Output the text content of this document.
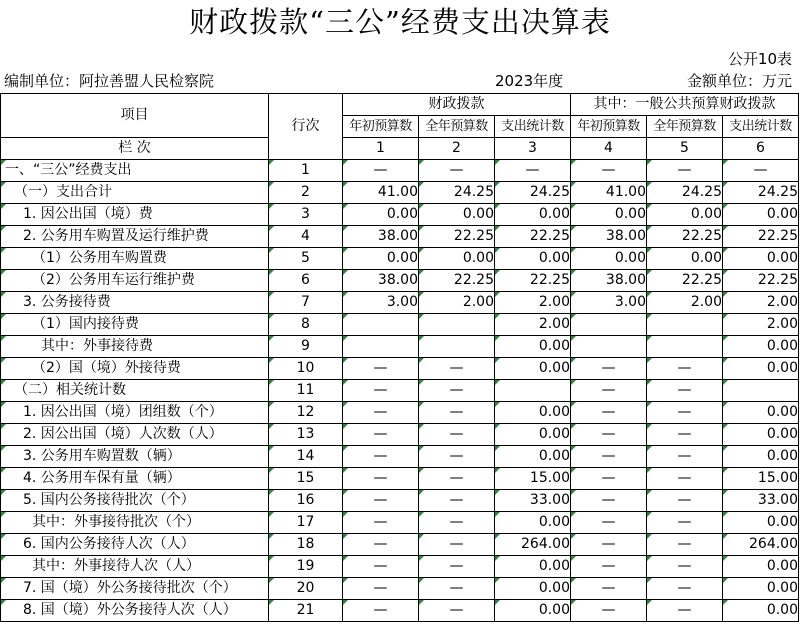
财政拨款“三公”经费支出决算表
公开10表
编制单位：阿拉善盟人民检察院	2023年度	金额单位：万元
项目	行次	财政拨款			其中：一般公共预算财政拨款		
		年初预算数	全年预算数	支出统计数	年初预算数	全年预算数	支出统计数
栏 次		1	2	3	4	5	6
一、“三公”经费支出	1	—	—	—	—	—	—
（一）支出合计	2	41.00	24.25	24.25	41.00	24.25	24.25
1. 因公出国（境）费	3	0.00	0.00	0.00	0.00	0.00	0.00
2. 公务用车购置及运行维护费	4	38.00	22.25	22.25	38.00	22.25	22.25
（1）公务用车购置费	5	0.00	0.00	0.00	0.00	0.00	0.00
（2）公务用车运行维护费	6	38.00	22.25	22.25	38.00	22.25	22.25
3. 公务接待费	7	3.00	2.00	2.00	3.00	2.00	2.00
（1）国内接待费	8			2.00			2.00
其中：外事接待费	9			0.00			0.00
（2）国（境）外接待费	10	—	—	0.00	—	—	0.00
（二）相关统计数	11	—	—		—	—	
1. 因公出国（境）团组数（个）	12	—	—	0.00	—	—	0.00
2. 因公出国（境）人次数（人）	13	—	—	0.00	—	—	0.00
3. 公务用车购置数（辆）	14	—	—	0.00	—	—	0.00
4. 公务用车保有量（辆）	15	—	—	15.00	—	—	15.00
5. 国内公务接待批次（个）	16	—	—	33.00	—	—	33.00
其中：外事接待批次（个）	17	—	—	0.00	—	—	0.00
6. 国内公务接待人次（人）	18	—	—	264.00	—	—	264.00
其中：外事接待人次（人）	19	—	—	0.00	—	—	0.00
7. 国（境）外公务接待批次（个）	20	—	—	0.00	—	—	0.00
8. 国（境）外公务接待人次（人）	21	—	—	0.00	—	—	0.00
